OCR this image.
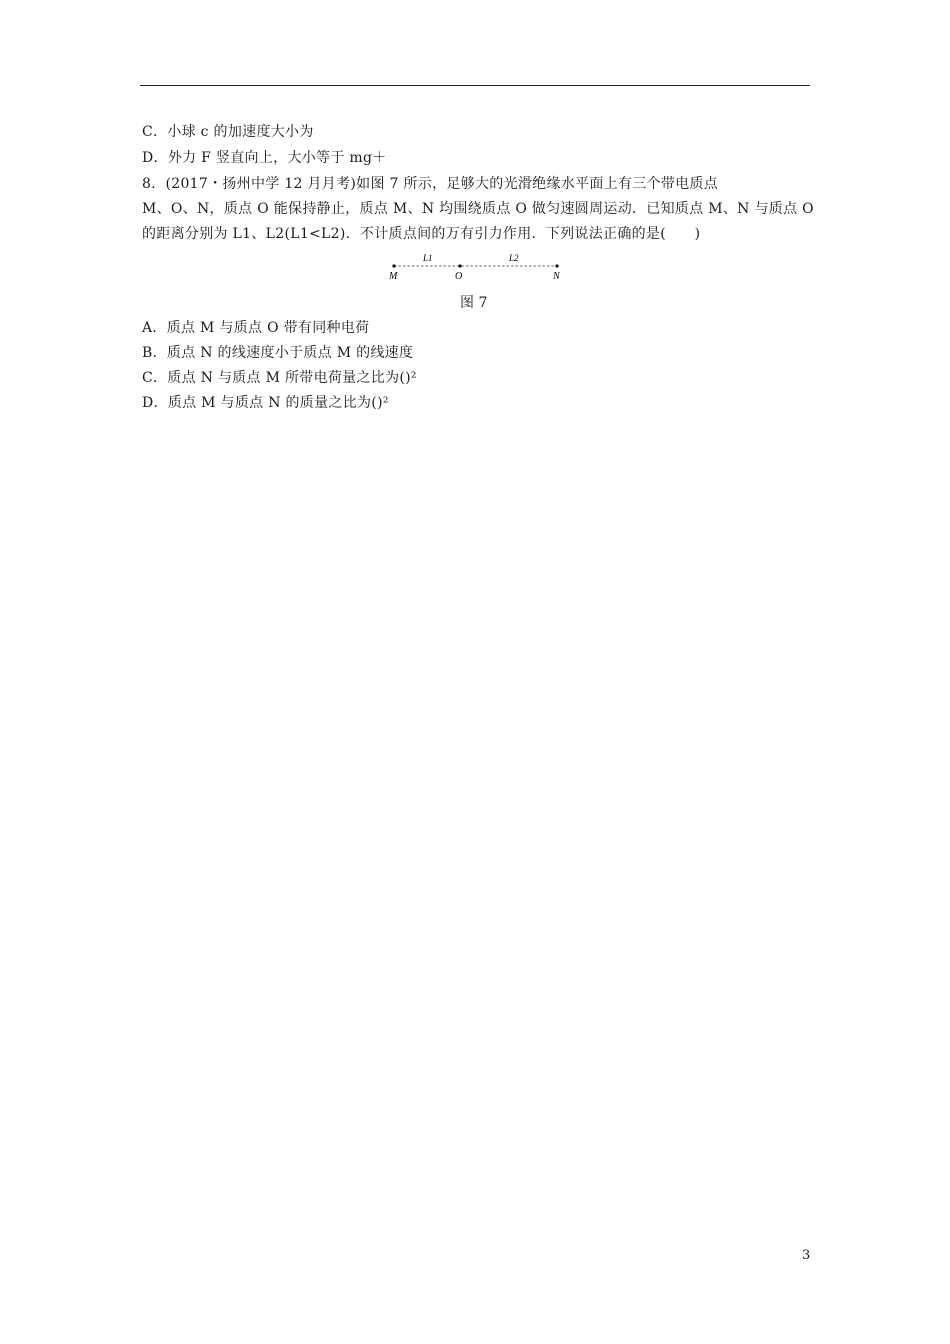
C．小球 c 的加速度大小为
D．外力 F 竖直向上，大小等于 mg＋
8．(2017・扬州中学 12 月月考)如图 7 所示，足够大的光滑绝缘水平面上有三个带电质点
M、O、N，质点 O 能保持静止，质点 M、N 均围绕质点 O 做匀速圆周运动．已知质点 M、N 与质点 O
的距离分别为 L1、L2(L1<L2)．不计质点间的万有引力作用．下列说法正确的是(　　)
L1	L2
M	O	N
图 7
A．质点 M 与质点 O 带有同种电荷
B．质点 N 的线速度小于质点 M 的线速度
C．质点 N 与质点 M 所带电荷量之比为()²
D．质点 M 与质点 N 的质量之比为()²
3
